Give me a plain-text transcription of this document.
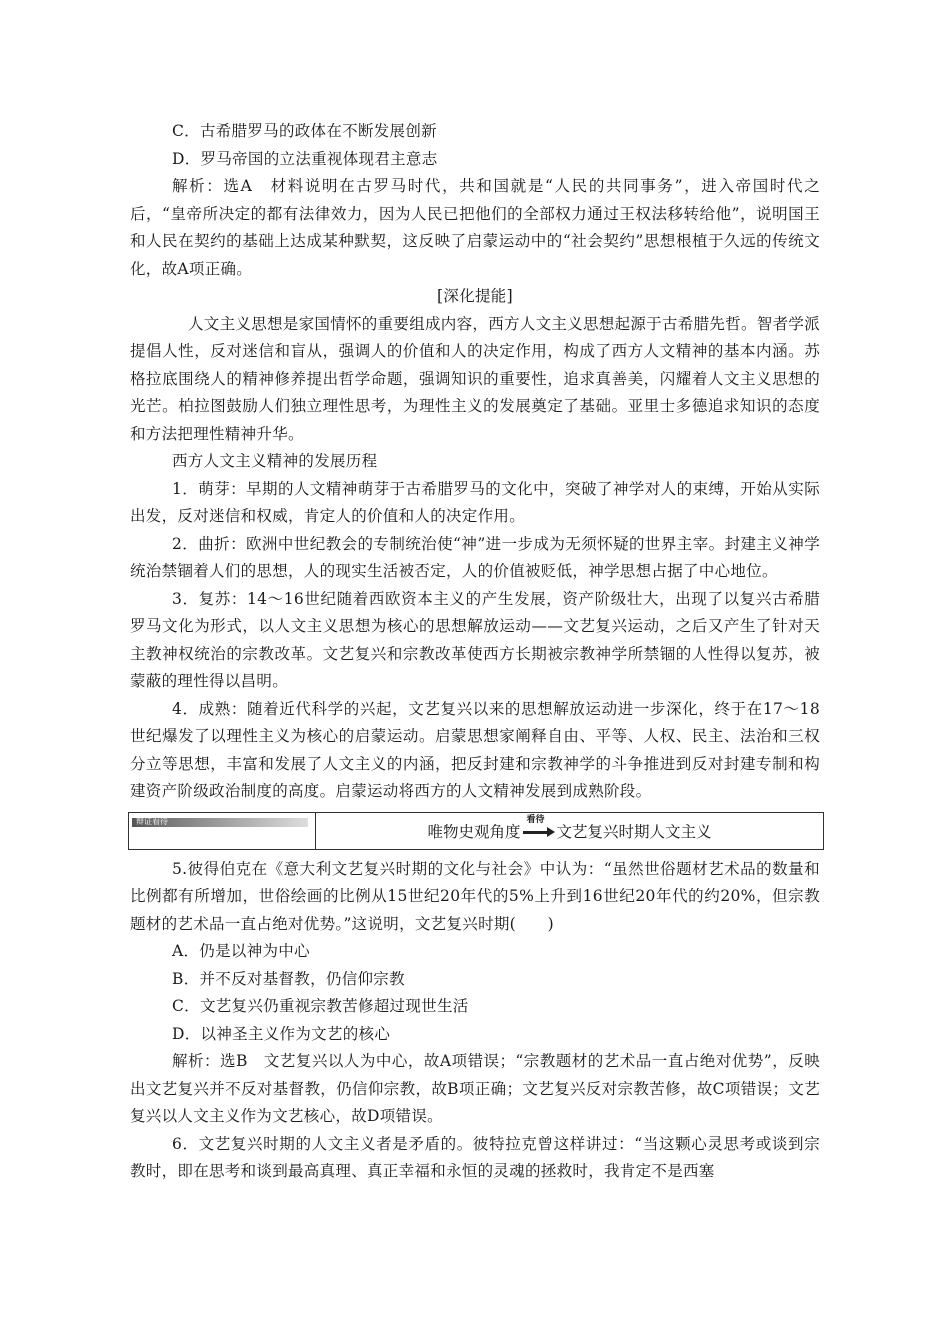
C．古希腊罗马的政体在不断发展创新

D．罗马帝国的立法重视体现君主意志

解析：选A　材料说明在古罗马时代，共和国就是“人民的共同事务”，进入帝国时代之后，“皇帝所决定的都有法律效力，因为人民已把他们的全部权力通过王权法移转给他”，说明国王和人民在契约的基础上达成某种默契，这反映了启蒙运动中的“社会契约”思想根植于久远的传统文化，故A项正确。

[深化提能]

人文主义思想是家国情怀的重要组成内容，西方人文主义思想起源于古希腊先哲。智者学派提倡人性，反对迷信和盲从，强调人的价值和人的决定作用，构成了西方人文精神的基本内涵。苏格拉底围绕人的精神修养提出哲学命题，强调知识的重要性，追求真善美，闪耀着人文主义思想的光芒。柏拉图鼓励人们独立理性思考，为理性主义的发展奠定了基础。亚里士多德追求知识的态度和方法把理性精神升华。

西方人文主义精神的发展历程

1．萌芽：早期的人文精神萌芽于古希腊罗马的文化中，突破了神学对人的束缚，开始从实际出发，反对迷信和权威，肯定人的价值和人的决定作用。

2．曲折：欧洲中世纪教会的专制统治使“神”进一步成为无须怀疑的世界主宰。封建主义神学统治禁锢着人们的思想，人的现实生活被否定，人的价值被贬低，神学思想占据了中心地位。

3．复苏：14～16世纪随着西欧资本主义的产生发展，资产阶级壮大，出现了以复兴古希腊罗马文化为形式，以人文主义思想为核心的思想解放运动——文艺复兴运动，之后又产生了针对天主教神权统治的宗教改革。文艺复兴和宗教改革使西方长期被宗教神学所禁锢的人性得以复苏，被蒙蔽的理性得以昌明。

4．成熟：随着近代科学的兴起，文艺复兴以来的思想解放运动进一步深化，终于在17～18世纪爆发了以理性主义为核心的启蒙运动。启蒙思想家阐释自由、平等、人权、民主、法治和三权分立等思想，丰富和发展了人文主义的内涵，把反封建和宗教神学的斗争推进到反对封建专制和构建资产阶级政治制度的高度。启蒙运动将西方的人文精神发展到成熟阶段。

辩证看待
唯物史观角度
看待
文艺复兴时期人文主义

5.彼得伯克在《意大利文艺复兴时期的文化与社会》中认为：“虽然世俗题材艺术品的数量和比例都有所增加，世俗绘画的比例从15世纪20年代的5%上升到16世纪20年代的约20%，但宗教题材的艺术品一直占绝对优势。”这说明，文艺复兴时期(　　)

A．仍是以神为中心

B．并不反对基督教，仍信仰宗教

C．文艺复兴仍重视宗教苦修超过现世生活

D．以神圣主义作为文艺的核心

解析：选B　文艺复兴以人为中心，故A项错误；“宗教题材的艺术品一直占绝对优势”，反映出文艺复兴并不反对基督教，仍信仰宗教，故B项正确；文艺复兴反对宗教苦修，故C项错误；文艺复兴以人文主义作为文艺核心，故D项错误。

6．文艺复兴时期的人文主义者是矛盾的。彼特拉克曾这样讲过：“当这颗心灵思考或谈到宗教时，即在思考和谈到最高真理、真正幸福和永恒的灵魂的拯救时，我肯定不是西塞
